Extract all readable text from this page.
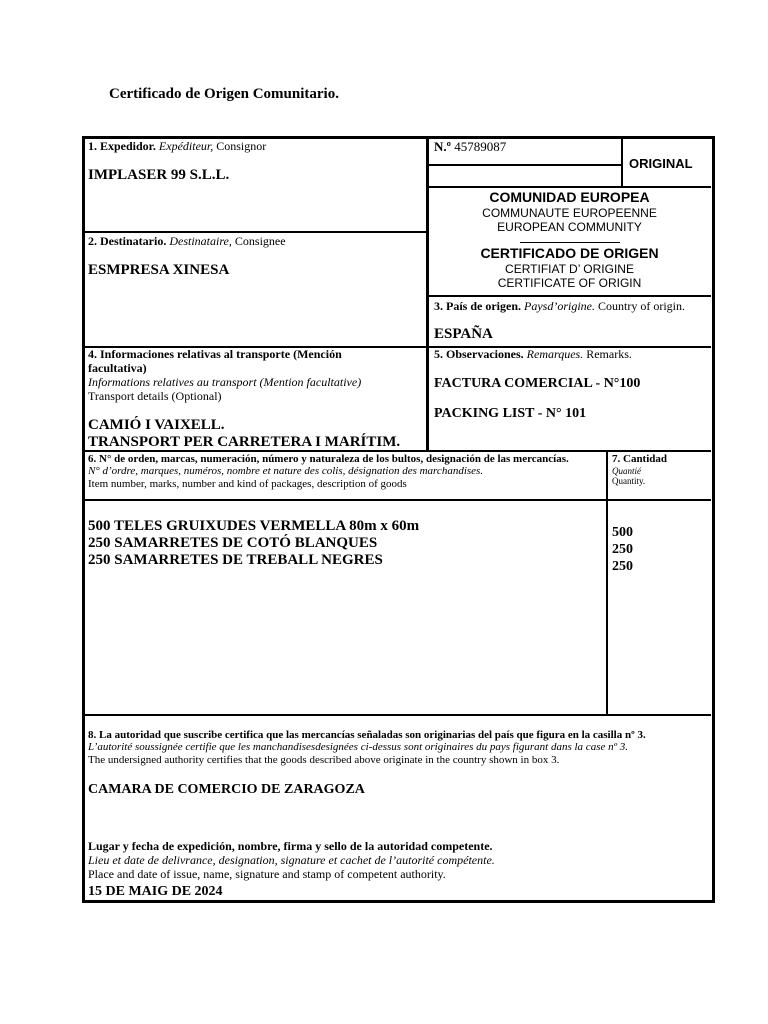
Certificado de Origen Comunitario.
1. Expedidor. Expéditeur, Consignor
IMPLASER 99 S.L.L.
N.º 45789087
ORIGINAL
COMUNIDAD EUROPEA
COMMUNAUTE EUROPEENNE
EUROPEAN COMMUNITY
CERTIFICADO DE ORIGEN
CERTIFIAT D’ ORIGINE
CERTIFICATE OF ORIGIN
2. Destinatario. Destinataire, Consignee
ESMPRESA XINESA
3. País de origen. Paysd’origine. Country of origin.
ESPAÑA
4. Informaciones relativas al transporte (Mención
facultativa)
Informations relatives au transport (Mention facultative)
Transport details (Optional)
CAMIÓ I VAIXELL.
TRANSPORT PER CARRETERA I MARÍTIM.
5. Observaciones. Remarques. Remarks.
FACTURA COMERCIAL - N°100
PACKING LIST - N° 101
6. N° de orden, marcas, numeración, número y naturaleza de los bultos, designación de las mercancías.
N° d’ordre, marques, numéros, nombre et nature des colis, désignation des marchandises.
Item number, marks, number and kind of packages, description of goods
7. Cantidad
Quantié
Quantity.
500 TELES GRUIXUDES VERMELLA 80m x 60m
250 SAMARRETES DE COTÓ BLANQUES
250 SAMARRETES DE TREBALL NEGRES
500
250
250
8. La autoridad que suscribe certifica que las mercancías señaladas son originarias del país que figura en la casilla nº 3.
L’autorité soussignée certifie que les manchandisesdesignées ci-dessus sont originaires du pays figurant dans la case nº 3.
The undersigned authority certifies that the goods described above originate in the country shown in box 3.
CAMARA DE COMERCIO DE ZARAGOZA
Lugar y fecha de expedición, nombre, firma y sello de la autoridad competente.
Lieu et date de delivrance, designation, signature et cachet de l’autorité compétente.
Place and date of issue, name, signature and stamp of competent authority.
15 DE MAIG DE 2024
